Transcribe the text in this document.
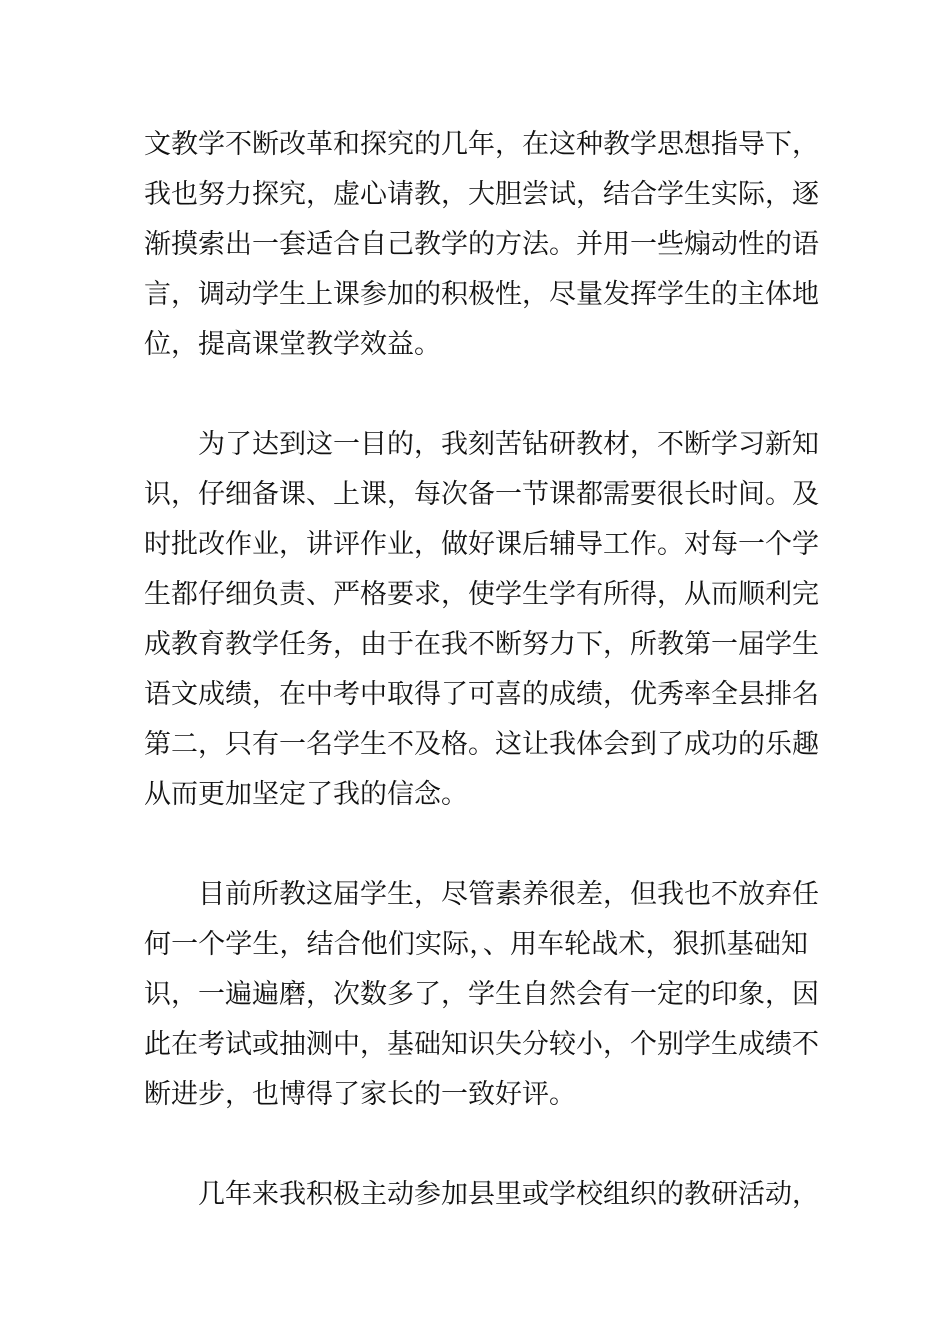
文教学不断改革和探究的几年，在这种教学思想指导下，
我也努力探究，虚心请教，大胆尝试，结合学生实际，逐
渐摸索出一套适合自己教学的方法。并用一些煽动性的语
言，调动学生上课参加的积极性，尽量发挥学生的主体地
位，提高课堂教学效益。
　　为了达到这一目的，我刻苦钻研教材，不断学习新知
识，仔细备课、上课，每次备一节课都需要很长时间。及
时批改作业，讲评作业，做好课后辅导工作。对每一个学
生都仔细负责、严格要求，使学生学有所得，从而顺利完
成教育教学任务，由于在我不断努力下，所教第一届学生
语文成绩，在中考中取得了可喜的成绩，优秀率全县排名
第二，只有一名学生不及格。这让我体会到了成功的乐趣
从而更加坚定了我的信念。
　　目前所教这届学生，尽管素养很差，但我也不放弃任
何一个学生，结合他们实际，、用车轮战术，狠抓基础知
识，一遍遍磨，次数多了，学生自然会有一定的印象，因
此在考试或抽测中，基础知识失分较小，个别学生成绩不
断进步，也博得了家长的一致好评。
　　几年来我积极主动参加县里或学校组织的教研活动，
